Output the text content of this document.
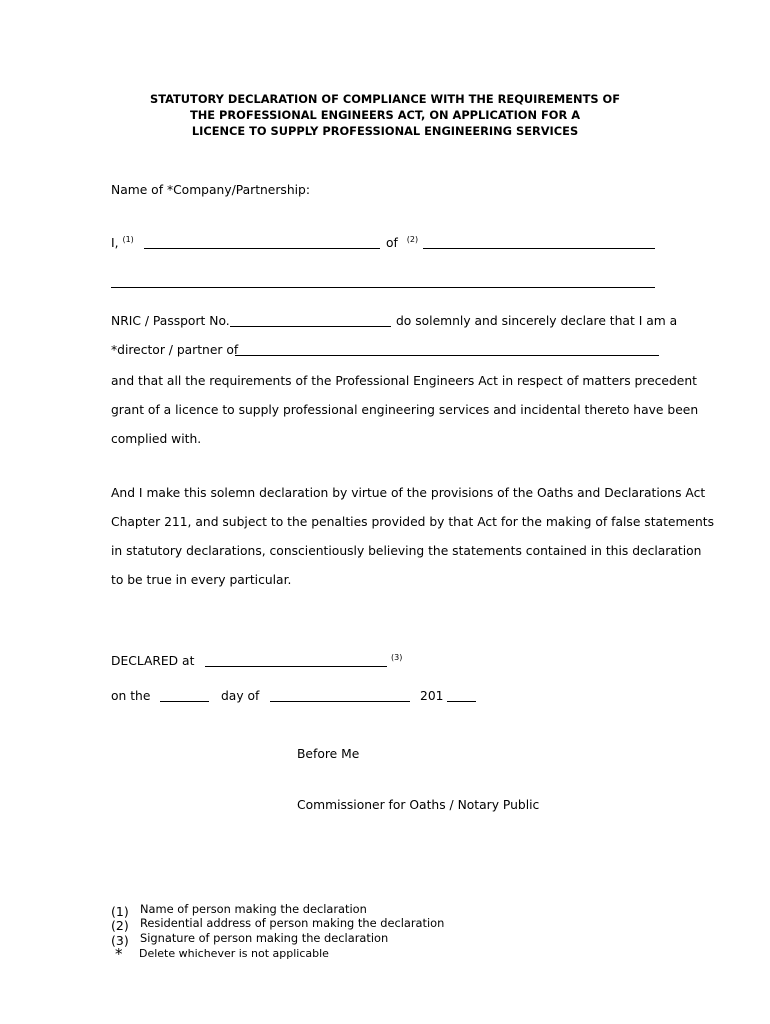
STATUTORY DECLARATION OF COMPLIANCE WITH THE REQUIREMENTS OF
THE PROFESSIONAL ENGINEERS ACT, ON APPLICATION FOR A
LICENCE TO SUPPLY PROFESSIONAL ENGINEERING SERVICES
Name of *Company/Partnership:
I, $^{(1)}$	of $^{(2)}$
NRIC / Passport No.	do solemnly and sincerely declare that I am a
*director / partner of
and that all the requirements of the Professional Engineers Act in respect of matters precedent
grant of a licence to supply professional engineering services and incidental thereto have been
complied with.
And I make this solemn declaration by virtue of the provisions of the Oaths and Declarations Act
Chapter 211, and subject to the penalties provided by that Act for the making of false statements
in statutory declarations, conscientiously believing the statements contained in this declaration
to be true in every particular.
DECLARED at	(3)
on the	day of	201
Before Me
Commissioner for Oaths / Notary Public
(1) Name of person making the declaration
(2) Residential address of person making the declaration
(3) Signature of person making the declaration
* Delete whichever is not applicable
